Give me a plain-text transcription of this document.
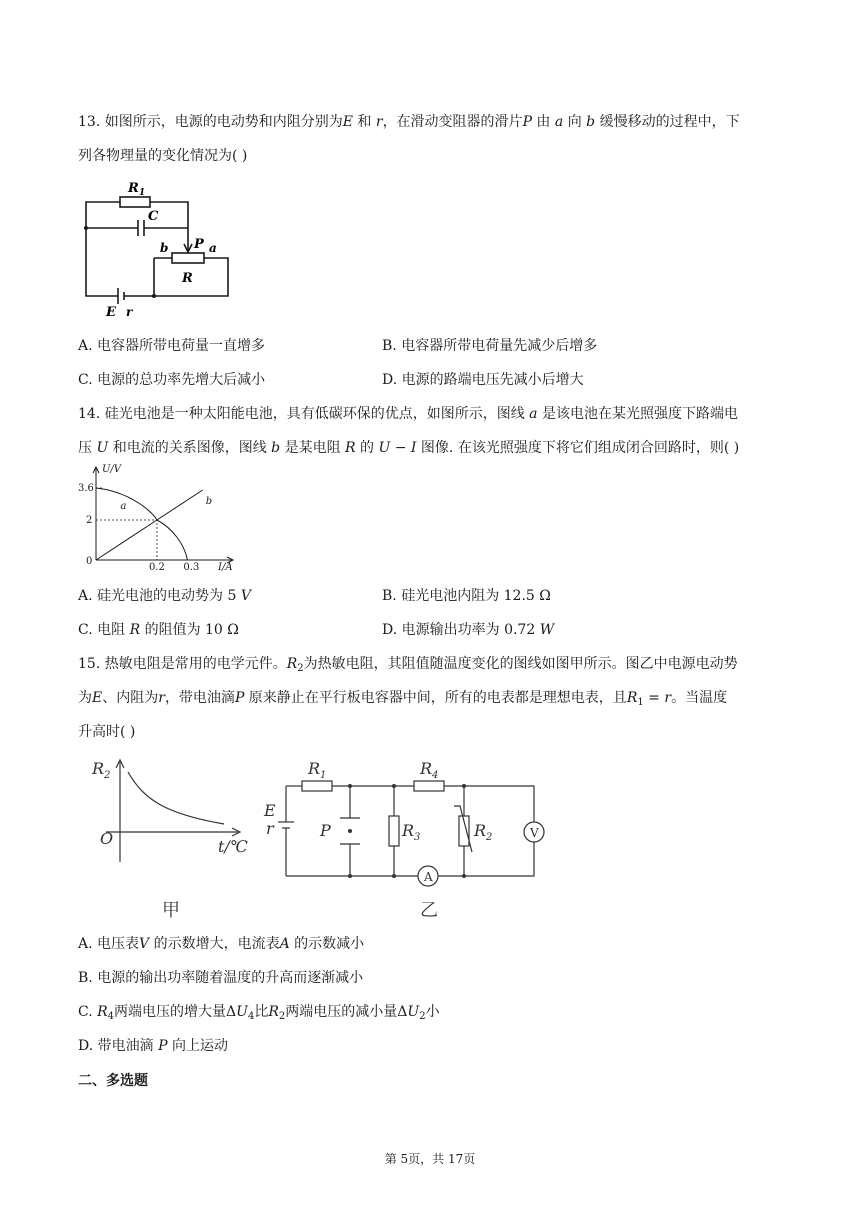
13. 如图所示，电源的电动势和内阻分别为E 和 r，在滑动变阻器的滑片P 由 a 向 b 缓慢移动的过程中，下
列各物理量的变化情况为( )
$R_1$
C
P a
b
R
E r
A. 电容器所带电荷量一直增多	B. 电容器所带电荷量先减少后增多
C. 电源的总功率先增大后减小	D. 电源的路端电压先减小后增大
14. 硅光电池是一种太阳能电池，具有低碳环保的优点，如图所示，图线 a 是该电池在某光照强度下路端电
压 U 和电流的关系图像，图线 b 是某电阻 R 的 U − I 图像. 在该光照强度下将它们组成闭合回路时，则( )
U/V
I/A
0
3.6
2
0.2 0.3
a	b
A. 硅光电池的电动势为 5 V	B. 硅光电池内阻为 12.5 Ω
C. 电阻 R 的阻值为 10 Ω	D. 电源输出功率为 0.72 W
15. 热敏电阻是常用的电学元件。$R_2$为热敏电阻，其阻值随温度变化的图线如图甲所示。图乙中电源电动势
为E、内阻为r，带电油滴P 原来静止在平行板电容器中间，所有的电表都是理想电表，且$R_1 = r$。当温度
升高时( )
$R_2$
O	t/℃
甲
$R_1$	$R_4$
E
r	P	$R_3$	$R_2$	V
A
乙
A. 电压表V 的示数增大，电流表A 的示数减小
B. 电源的输出功率随着温度的升高而逐渐减小
C. $R_4$两端电压的增大量$\Delta U_4$比$R_2$两端电压的减小量$\Delta U_2$小
D. 带电油滴 P 向上运动
二、多选题
第 5页，共 17页
